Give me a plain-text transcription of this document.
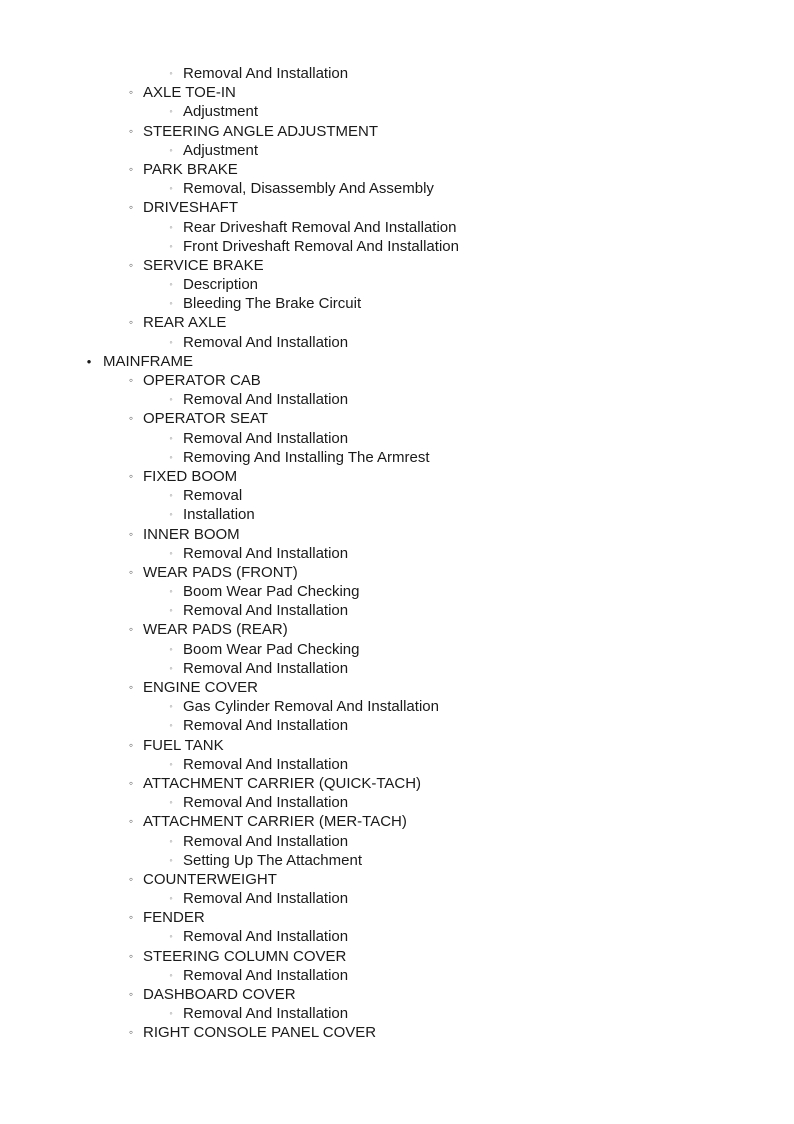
◦ Removal And Installation
◦ AXLE TOE-IN
◦ Adjustment
◦ STEERING ANGLE ADJUSTMENT
◦ Adjustment
◦ PARK BRAKE
◦ Removal, Disassembly And Assembly
◦ DRIVESHAFT
◦ Rear Driveshaft Removal And Installation
◦ Front Driveshaft Removal And Installation
◦ SERVICE BRAKE
◦ Description
◦ Bleeding The Brake Circuit
◦ REAR AXLE
◦ Removal And Installation
• MAINFRAME
◦ OPERATOR CAB
◦ Removal And Installation
◦ OPERATOR SEAT
◦ Removal And Installation
◦ Removing And Installing The Armrest
◦ FIXED BOOM
◦ Removal
◦ Installation
◦ INNER BOOM
◦ Removal And Installation
◦ WEAR PADS (FRONT)
◦ Boom Wear Pad Checking
◦ Removal And Installation
◦ WEAR PADS (REAR)
◦ Boom Wear Pad Checking
◦ Removal And Installation
◦ ENGINE COVER
◦ Gas Cylinder Removal And Installation
◦ Removal And Installation
◦ FUEL TANK
◦ Removal And Installation
◦ ATTACHMENT CARRIER (QUICK-TACH)
◦ Removal And Installation
◦ ATTACHMENT CARRIER (MER-TACH)
◦ Removal And Installation
◦ Setting Up The Attachment
◦ COUNTERWEIGHT
◦ Removal And Installation
◦ FENDER
◦ Removal And Installation
◦ STEERING COLUMN COVER
◦ Removal And Installation
◦ DASHBOARD COVER
◦ Removal And Installation
◦ RIGHT CONSOLE PANEL COVER
